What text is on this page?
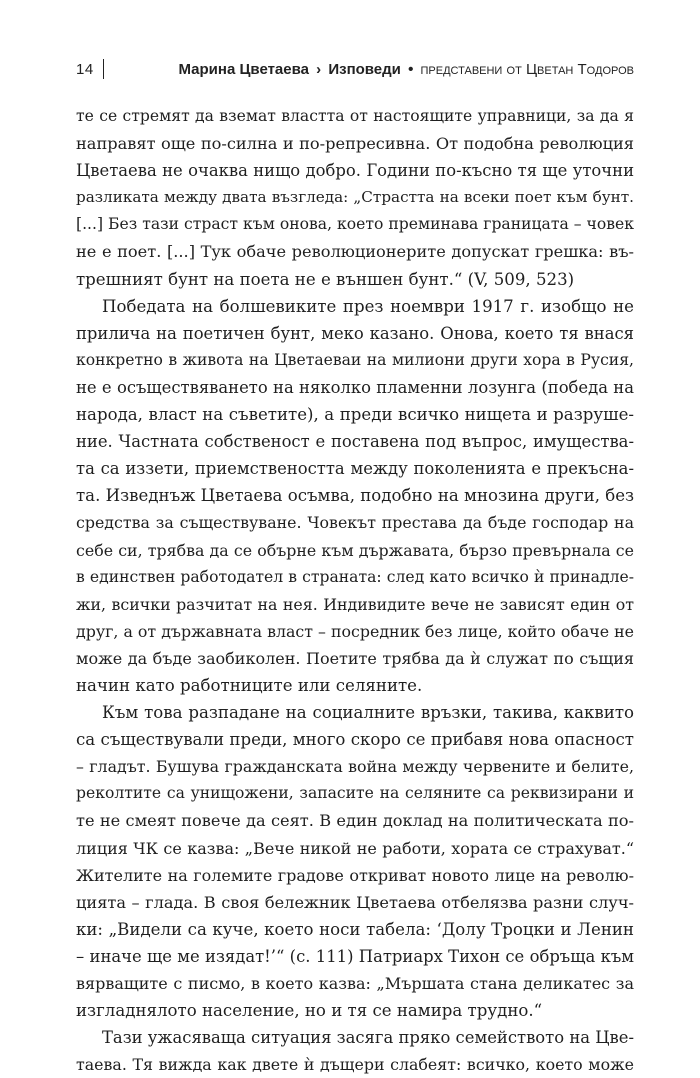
14	Марина Цветаева › Изповеди • представени от Цветан Тодоров
те се стремят да вземат властта от настоящите управници, за да я
направят още по-силна и по-репресивна. От подобна революция
Цветаева не очаква нищо добро. Години по-късно тя ще уточни
разликата между двата възгледа: „Страстта на всеки поет към бунт.
[...] Без тази страст към онова, което преминава границата – човек
не е поет. [...] Тук обаче революционерите допускат грешка: въ-
трешният бунт на поета не е външен бунт.“ (V, 509, 523)
Победата на болшевиките през ноември 1917 г. изобщо не
прилича на поетичен бунт, меко казано. Онова, което тя внася
конкретно в живота на Цветаеваи на милиони други хора в Русия,
не е осъществяването на няколко пламенни лозунга (победа на
народа, власт на съветите), а преди всичко нищета и разруше-
ние. Частната собственост е поставена под въпрос, имуществa-
та са иззети, приемствеността между поколенията е прекъсна-
та. Изведнъж Цветаева осъмва, подобно на мнозина други, без
средства за съществуване. Човекът престава да бъде господар на
себе си, трябва да се обърне към държавата, бързо превърнала се
в единствен работодател в страната: след като всичко ѝ принадле-
жи, всички разчитат на нея. Индивидите вече не зависят един от
друг, а от държавната власт – посредник без лице, който обаче не
може да бъде заобиколен. Поетите трябва да ѝ служат по същия
начин като работниците или селяните.
Към това разпадане на социалните връзки, такива, каквито
са съществували преди, много скоро се прибавя нова опасност
– гладът. Бушува гражданската война между червените и белите,
реколтите са унищожени, запасите на селяните са реквизирани и
те не смеят повече да сеят. В един доклад на политическата по-
лиция ЧК се казва: „Вече никой не работи, хората се страхуват.“
Жителите на големите градове откриват новото лице на револю-
цията – глада. В своя бележник Цветаева отбелязва разни случ-
ки: „Видели са куче, което носи табела: ‘Долу Троцки и Ленин
– иначе ще ме изядат!’“ (с. 111) Патриарх Тихон се обръща към
вярващите с писмо, в което казва: „Мършата стана деликатес за
изгладнялото население, но и тя се намира трудно.“
Тази ужасяваща ситуация засяга пряко семейството на Цве-
таева. Тя вижда как двете ѝ дъщери слабеят: всичко, което може
